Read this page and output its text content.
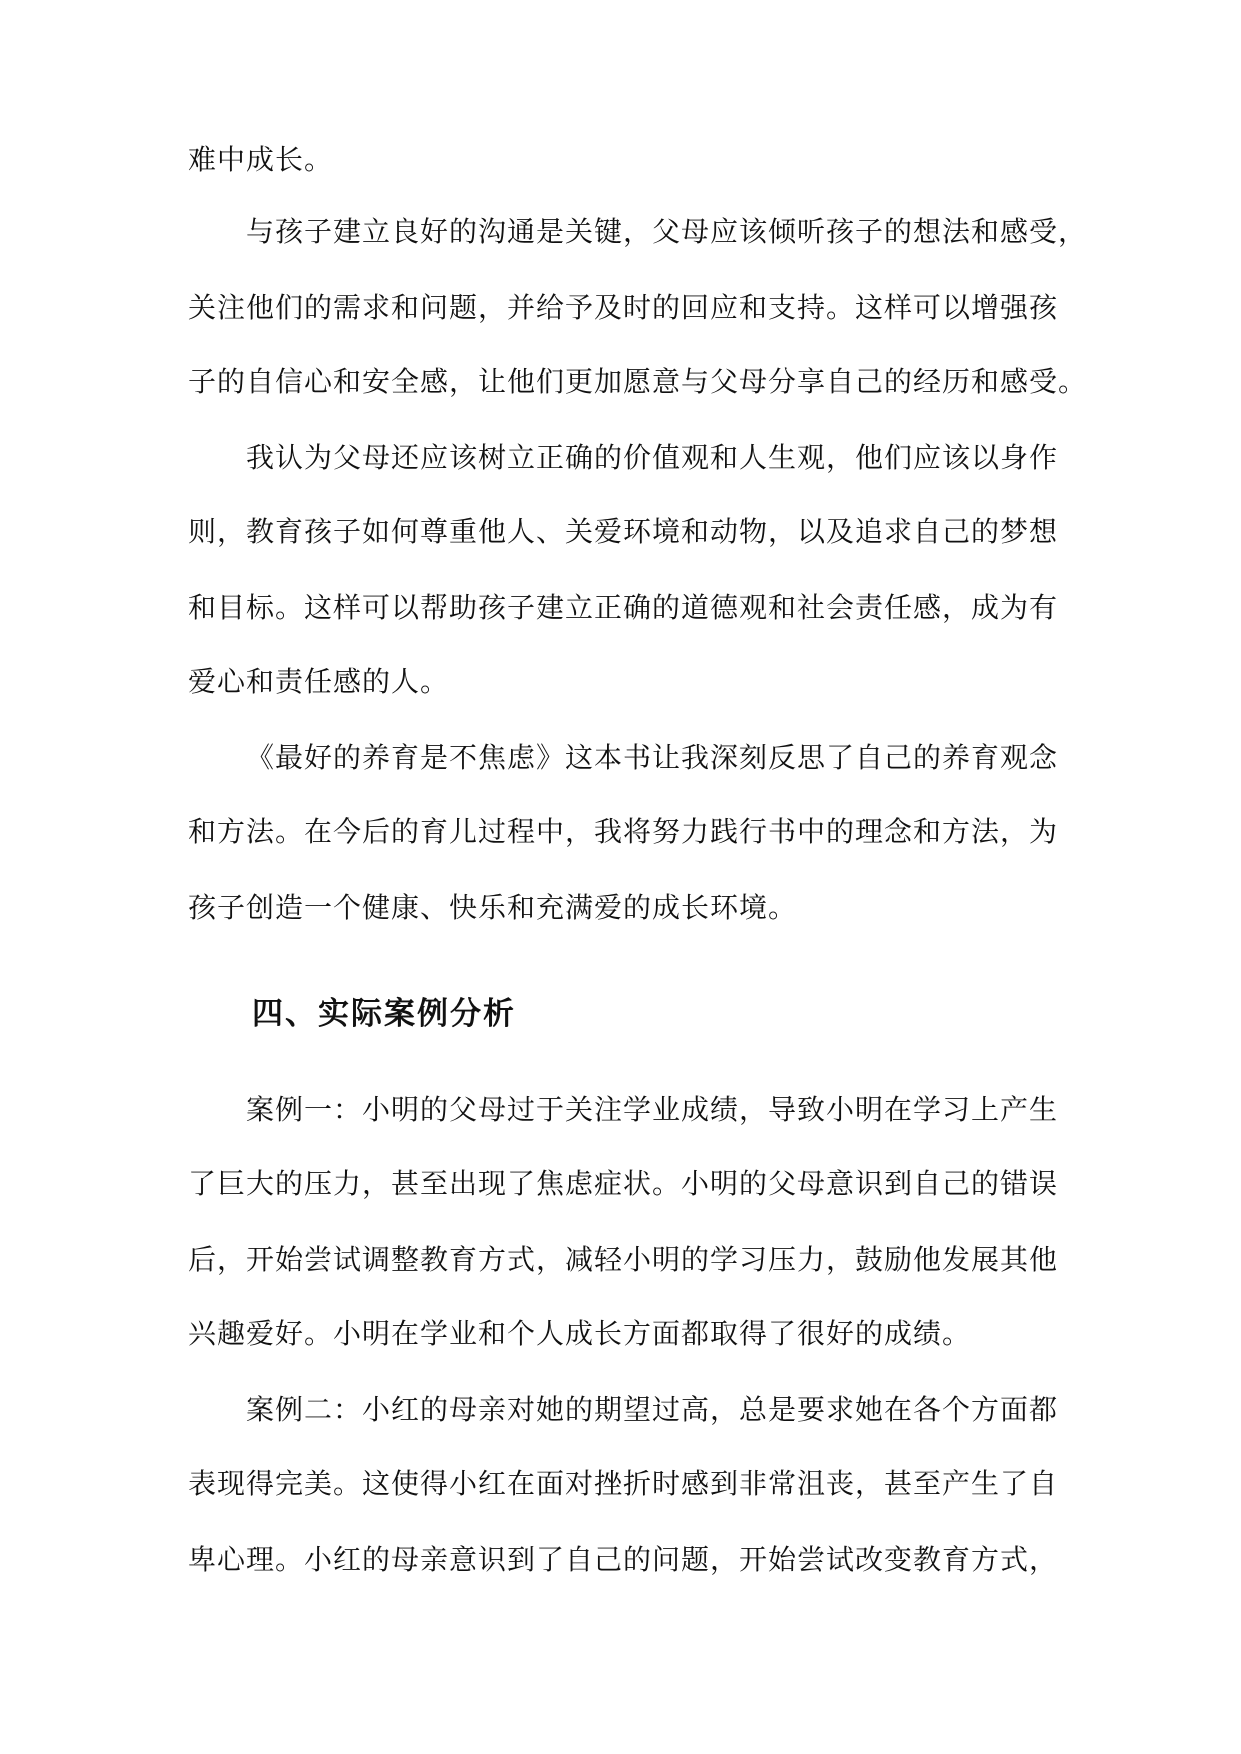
难中成长。
与孩子建立良好的沟通是关键，父母应该倾听孩子的想法和感受，
关注他们的需求和问题，并给予及时的回应和支持。这样可以增强孩
子的自信心和安全感，让他们更加愿意与父母分享自己的经历和感受。
我认为父母还应该树立正确的价值观和人生观，他们应该以身作
则，教育孩子如何尊重他人、关爱环境和动物，以及追求自己的梦想
和目标。这样可以帮助孩子建立正确的道德观和社会责任感，成为有
爱心和责任感的人。
《最好的养育是不焦虑》这本书让我深刻反思了自己的养育观念
和方法。在今后的育儿过程中，我将努力践行书中的理念和方法，为
孩子创造一个健康、快乐和充满爱的成长环境。
四、实际案例分析
案例一：小明的父母过于关注学业成绩，导致小明在学习上产生
了巨大的压力，甚至出现了焦虑症状。小明的父母意识到自己的错误
后，开始尝试调整教育方式，减轻小明的学习压力，鼓励他发展其他
兴趣爱好。小明在学业和个人成长方面都取得了很好的成绩。
案例二：小红的母亲对她的期望过高，总是要求她在各个方面都
表现得完美。这使得小红在面对挫折时感到非常沮丧，甚至产生了自
卑心理。小红的母亲意识到了自己的问题，开始尝试改变教育方式，
